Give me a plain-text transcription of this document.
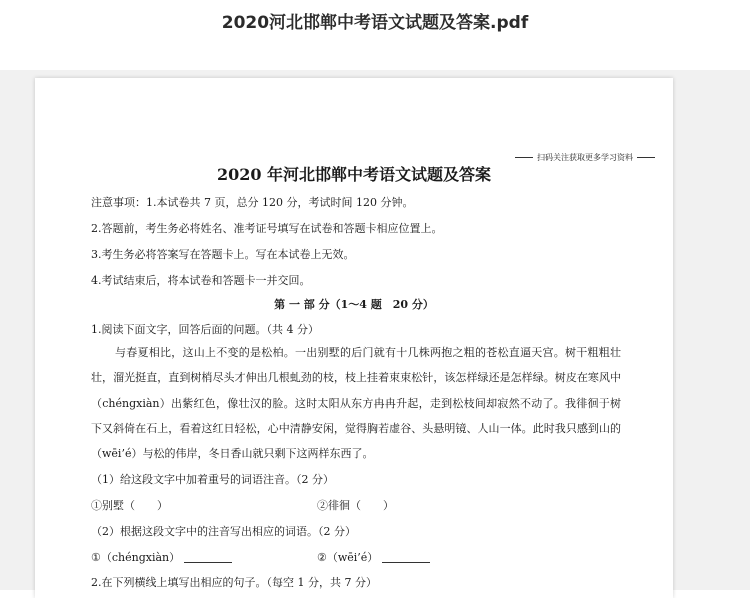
2020河北邯郸中考语文试题及答案.pdf
扫码关注获取更多学习资料
2020 年河北邯郸中考语文试题及答案
注意事项：1.本试卷共 7 页，总分 120 分，考试时间 120 分钟。
2.答题前，考生务必将姓名、准考证号填写在试卷和答题卡相应位置上。
3.考生务必将答案写在答题卡上。写在本试卷上无效。
4.考试结束后，将本试卷和答题卡一并交回。
第 一 部 分（1～4 题　20 分）
1.阅读下面文字，回答后面的问题。（共 4 分）
与春夏相比，这山上不变的是松柏。一出别墅的后门就有十几株两抱之粗的苍松直逼天宫。树干粗粗壮壮，溜光挺直，直到树梢尽头才伸出几根虬劲的枝，枝上挂着束束松针，该怎样绿还是怎样绿。树皮在寒风中（chéngxiàn）出紫红色，像壮汉的脸。这时太阳从东方冉冉升起，走到松枝间却寂然不动了。我徘徊于树下又斜倚在石上，看着这红日轻松，心中清静安闲，觉得胸若虚谷、头悬明镜、人山一体。此时我只感到山的（wēi’é）与松的伟岸，冬日香山就只剩下这两样东西了。
（1）给这段文字中加着重号的词语注音。（2 分）
①别墅（　　）	②徘徊（　　）
（2）根据这段文字中的注音写出相应的词语。（2 分）
①（chéngxiàn）	②（wēi’é）
2.在下列横线上填写出相应的句子。（每空 1 分，共 7 分）
